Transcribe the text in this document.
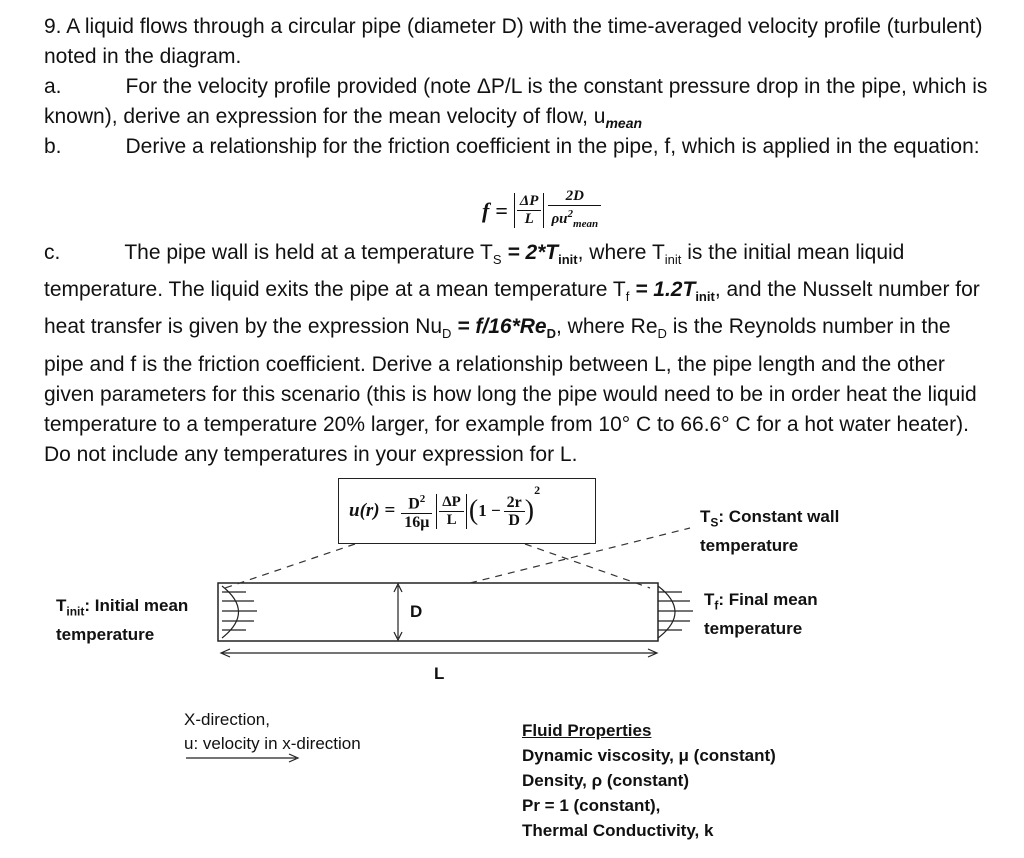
9. A liquid flows through a circular pipe (diameter D) with the time-averaged velocity profile (turbulent) noted in the diagram.

a.	For the velocity profile provided (note ΔP/L is the constant pressure drop in the pipe, which is known), derive an expression for the mean velocity of flow, $u_{mean}$

b.	Derive a relationship for the friction coefficient in the pipe, f, which is applied in the equation:

$f = \frac{\Delta P}{L} \frac{2D}{\rho u^2_{mean}}$

c.	The pipe wall is held at a temperature $T_S = 2*T_{init}$, where $T_{init}$ is the initial mean liquid temperature. The liquid exits the pipe at a mean temperature $T_f = 1.2T_{init}$, and the Nusselt number for heat transfer is given by the expression $Nu_D = f/16*Re_D$, where $Re_D$ is the Reynolds number in the pipe and f is the friction coefficient. Derive a relationship between L, the pipe length and the other given parameters for this scenario (this is how long the pipe would need to be in order heat the liquid temperature to a temperature 20% larger, for example from 10° C to 66.6° C for a hot water heater). Do not include any temperatures in your expression for L.

$u(r) = \frac{D^2}{16\mu} \frac{\Delta P}{L}$ ( $1 - \frac{2r}{D}$ )
$^2$
$T_S$: Constant wall temperature
$T_{init}$: Initial mean temperature
$T_f$: Final mean temperature
D
L
X-direction,
u: velocity in x-direction
Fluid Properties
Dynamic viscosity, μ (constant)
Density, ρ (constant)
Pr = 1 (constant),
Thermal Conductivity, k
